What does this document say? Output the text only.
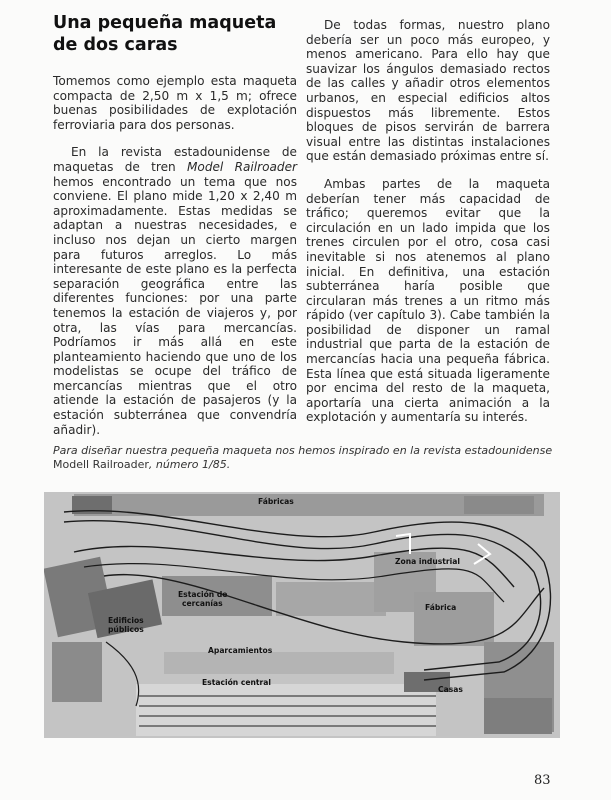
Una pequeña maqueta
de dos caras

Tomemos como ejemplo esta maqueta compacta de 2,50 m x 1,5 m; ofrece buenas posibilidades de explotación ferroviaria para dos personas.

En la revista estadounidense de maquetas de tren Model Railroader hemos encontrado un tema que nos conviene. El plano mide 1,20 x 2,40 m aproximadamente. Estas medidas se adaptan a nuestras necesidades, e incluso nos dejan un cierto margen para futuros arreglos. Lo más interesante de este plano es la perfecta separación geográfica entre las diferentes funciones: por una parte tenemos la estación de viajeros y, por otra, las vías para mercancías. Podríamos ir más allá en este planteamiento haciendo que uno de los modelistas se ocupe del tráfico de mercancías mientras que el otro atiende la estación de pasajeros (y la estación subterránea que convendría añadir).

De todas formas, nuestro plano debería ser un poco más europeo, y menos americano. Para ello hay que suavizar los ángulos demasiado rectos de las calles y añadir otros elementos urbanos, en especial edificios altos dispuestos más libremente. Estos bloques de pisos servirán de barrera visual entre las distintas instalaciones que están demasiado próximas entre sí.

Ambas partes de la maqueta deberían tener más capacidad de tráfico; queremos evitar que la circulación en un lado impida que los trenes circulen por el otro, cosa casi inevitable si nos atenemos al plano inicial. En definitiva, una estación subterránea haría posible que circularan más trenes a un ritmo más rápido (ver capítulo 3). Cabe también la posibilidad de disponer un ramal industrial que parta de la estación de mercancías hacia una pequeña fábrica. Esta línea que está situada ligeramente por encima del resto de la maqueta, aportaría una cierta animación a la explotación y aumentaría su interés.

Para diseñar nuestra pequeña maqueta nos hemos inspirado en la revista estadounidense Modell Railroader, número 1/85.
Fábricas
Zona industrial
Fábrica
Estación de
cercanías
Edificios
públicos
Aparcamientos
Estación central
Casas
83
